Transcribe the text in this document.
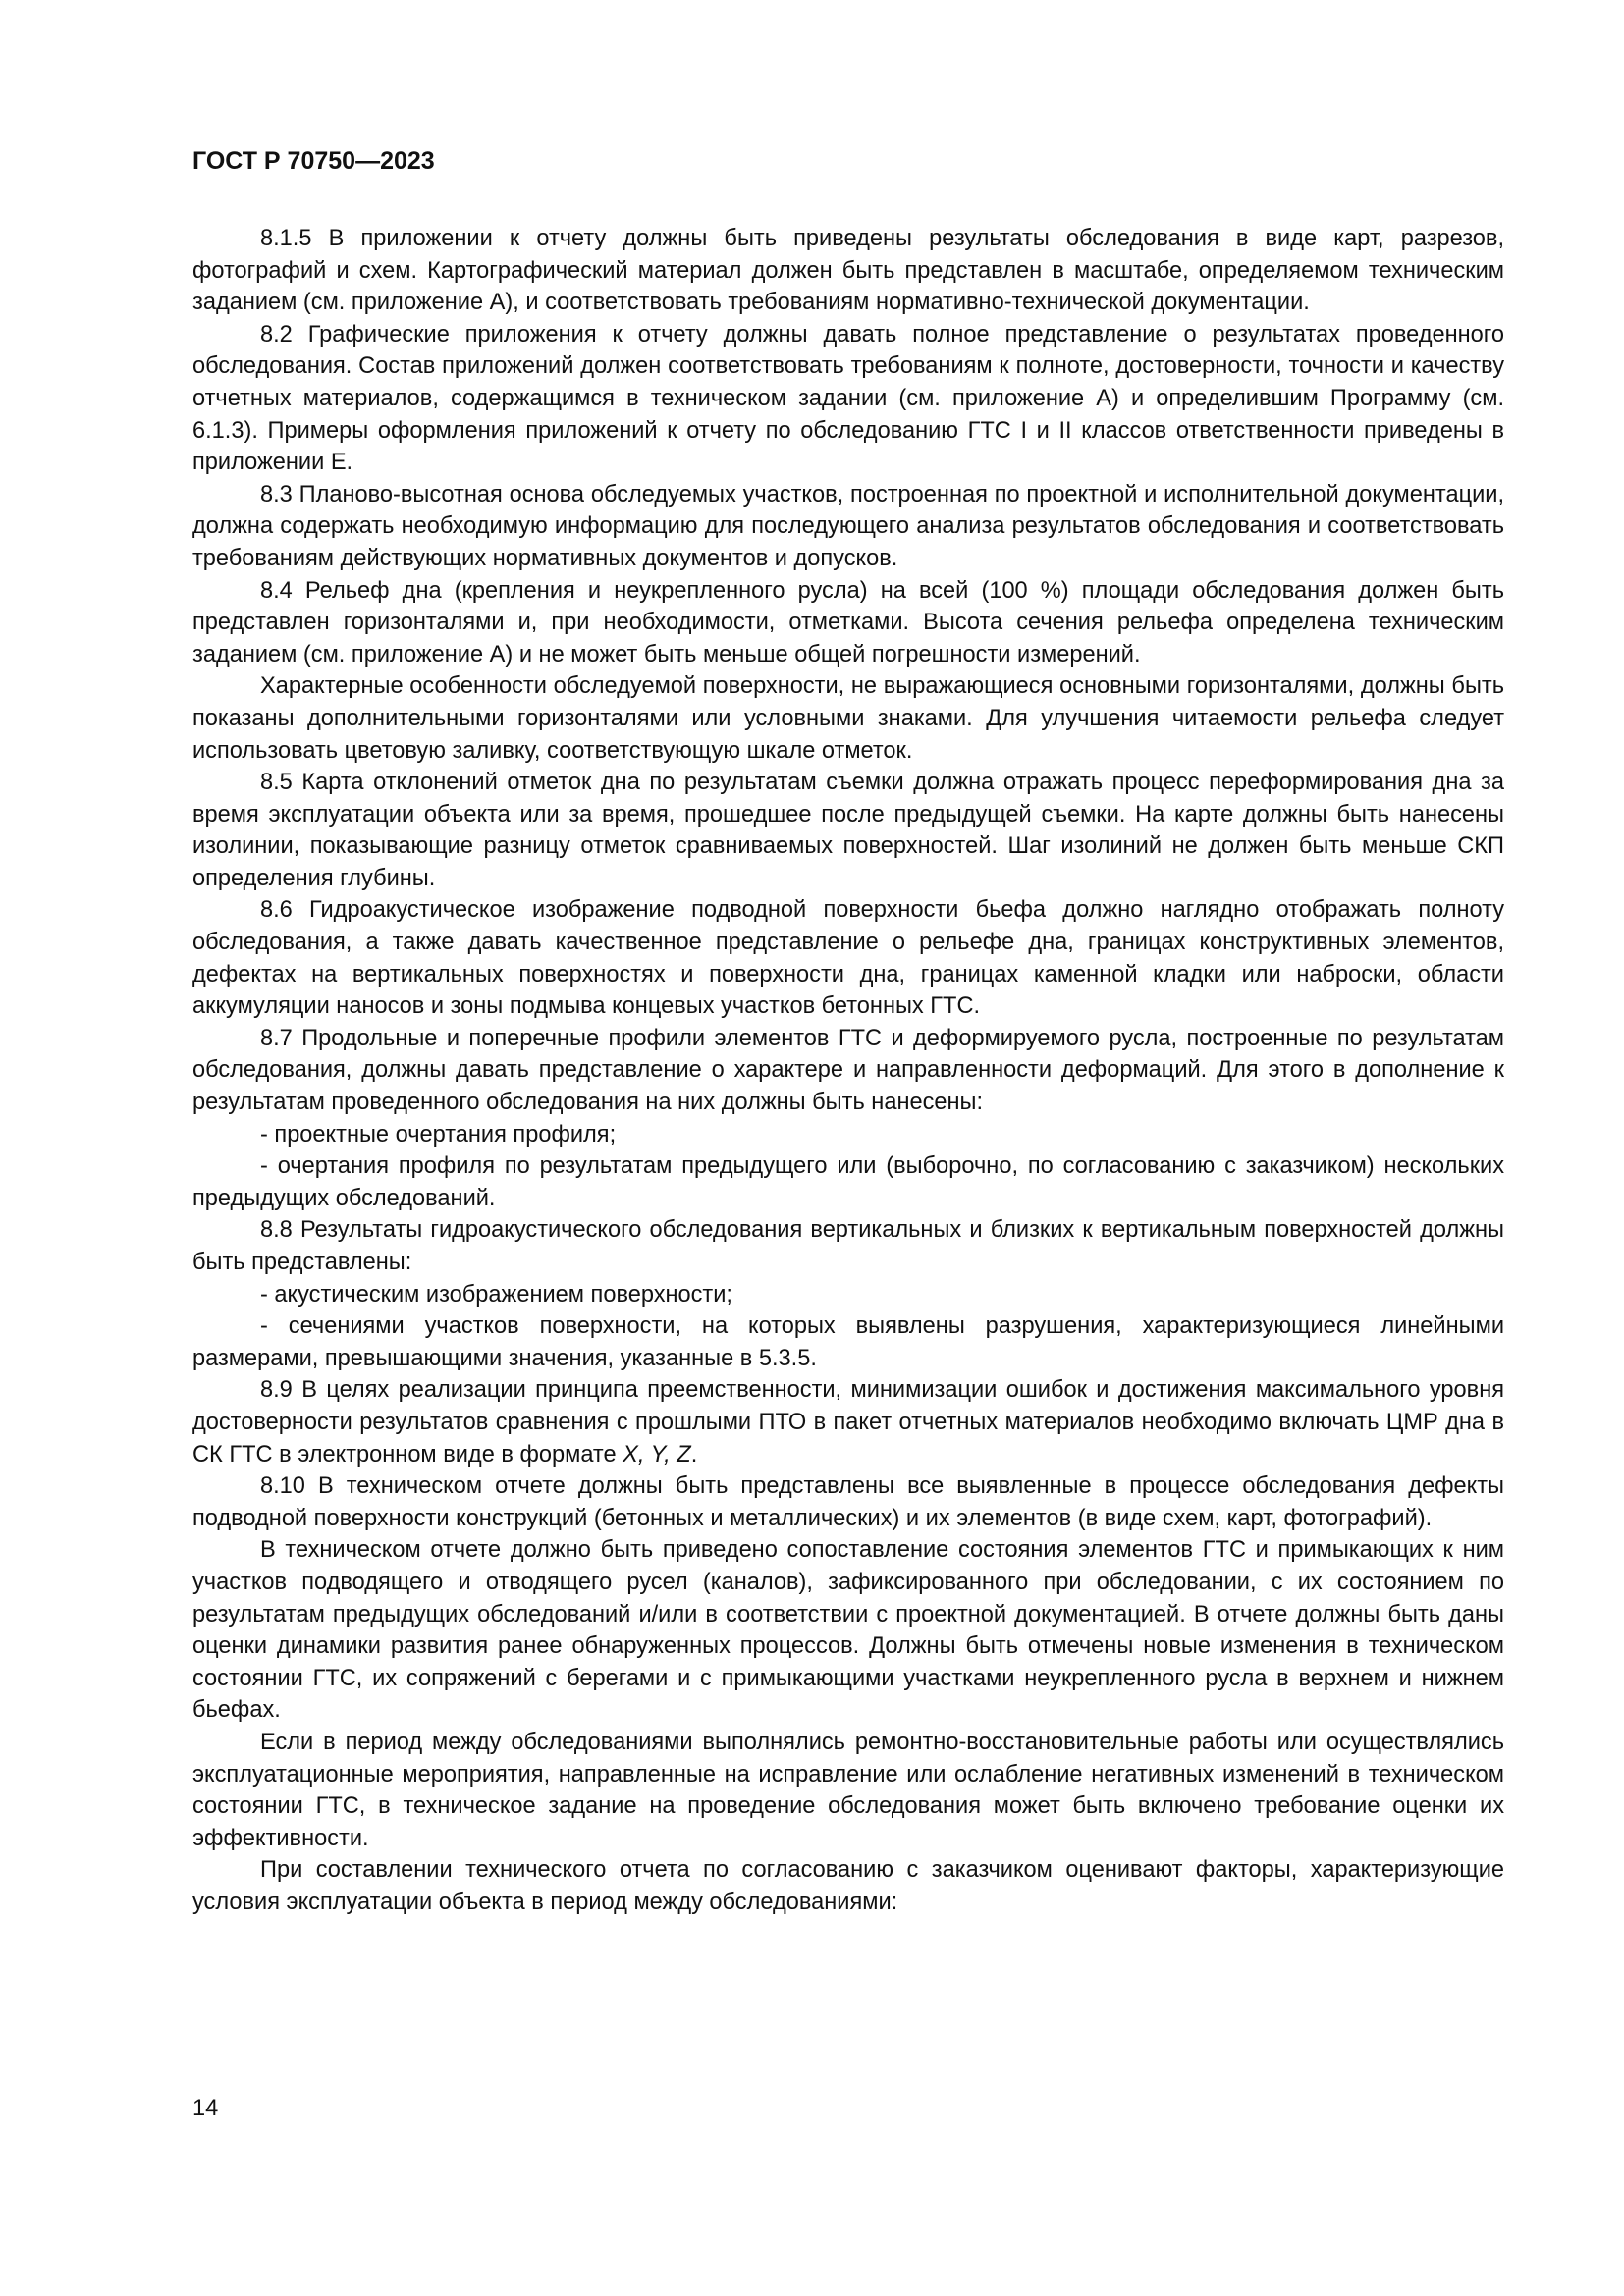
ГОСТ Р 70750—2023

8.1.5 В приложении к отчету должны быть приведены результаты обследования в виде карт, разрезов, фотографий и схем. Картографический материал должен быть представлен в масштабе, определяемом техническим заданием (см. приложение А), и соответствовать требованиям нормативно-технической документации.

8.2 Графические приложения к отчету должны давать полное представление о результатах проведенного обследования. Состав приложений должен соответствовать требованиям к полноте, достоверности, точности и качеству отчетных материалов, содержащимся в техническом задании (см. приложение А) и определившим Программу (см. 6.1.3). Примеры оформления приложений к отчету по обследованию ГТС I и II классов ответственности приведены в приложении Е.

8.3 Планово-высотная основа обследуемых участков, построенная по проектной и исполнительной документации, должна содержать необходимую информацию для последующего анализа результатов обследования и соответствовать требованиям действующих нормативных документов и допусков.

8.4 Рельеф дна (крепления и неукрепленного русла) на всей (100 %) площади обследования должен быть представлен горизонталями и, при необходимости, отметками. Высота сечения рельефа определена техническим заданием (см. приложение А) и не может быть меньше общей погрешности измерений.

Характерные особенности обследуемой поверхности, не выражающиеся основными горизонталями, должны быть показаны дополнительными горизонталями или условными знаками. Для улучшения читаемости рельефа следует использовать цветовую заливку, соответствующую шкале отметок.

8.5 Карта отклонений отметок дна по результатам съемки должна отражать процесс переформирования дна за время эксплуатации объекта или за время, прошедшее после предыдущей съемки. На карте должны быть нанесены изолинии, показывающие разницу отметок сравниваемых поверхностей. Шаг изолиний не должен быть меньше СКП определения глубины.

8.6 Гидроакустическое изображение подводной поверхности бьефа должно наглядно отображать полноту обследования, а также давать качественное представление о рельефе дна, границах конструктивных элементов, дефектах на вертикальных поверхностях и поверхности дна, границах каменной кладки или наброски, области аккумуляции наносов и зоны подмыва концевых участков бетонных ГТС.

8.7 Продольные и поперечные профили элементов ГТС и деформируемого русла, построенные по результатам обследования, должны давать представление о характере и направленности деформаций. Для этого в дополнение к результатам проведенного обследования на них должны быть нанесены:

- проектные очертания профиля;

- очертания профиля по результатам предыдущего или (выборочно, по согласованию с заказчиком) нескольких предыдущих обследований.

8.8 Результаты гидроакустического обследования вертикальных и близких к вертикальным поверхностей должны быть представлены:

- акустическим изображением поверхности;

- сечениями участков поверхности, на которых выявлены разрушения, характеризующиеся линейными размерами, превышающими значения, указанные в 5.3.5.

8.9 В целях реализации принципа преемственности, минимизации ошибок и достижения максимального уровня достоверности результатов сравнения с прошлыми ПТО в пакет отчетных материалов необходимо включать ЦМР дна в СК ГТС в электронном виде в формате X, Y, Z.

8.10 В техническом отчете должны быть представлены все выявленные в процессе обследования дефекты подводной поверхности конструкций (бетонных и металлических) и их элементов (в виде схем, карт, фотографий).

В техническом отчете должно быть приведено сопоставление состояния элементов ГТС и примыкающих к ним участков подводящего и отводящего русел (каналов), зафиксированного при обследовании, с их состоянием по результатам предыдущих обследований и/или в соответствии с проектной документацией. В отчете должны быть даны оценки динамики развития ранее обнаруженных процессов. Должны быть отмечены новые изменения в техническом состоянии ГТС, их сопряжений с берегами и с примыкающими участками неукрепленного русла в верхнем и нижнем бьефах.

Если в период между обследованиями выполнялись ремонтно-восстановительные работы или осуществлялись эксплуатационные мероприятия, направленные на исправление или ослабление негативных изменений в техническом состоянии ГТС, в техническое задание на проведение обследования может быть включено требование оценки их эффективности.

При составлении технического отчета по согласованию с заказчиком оценивают факторы, характеризующие условия эксплуатации объекта в период между обследованиями:

14
